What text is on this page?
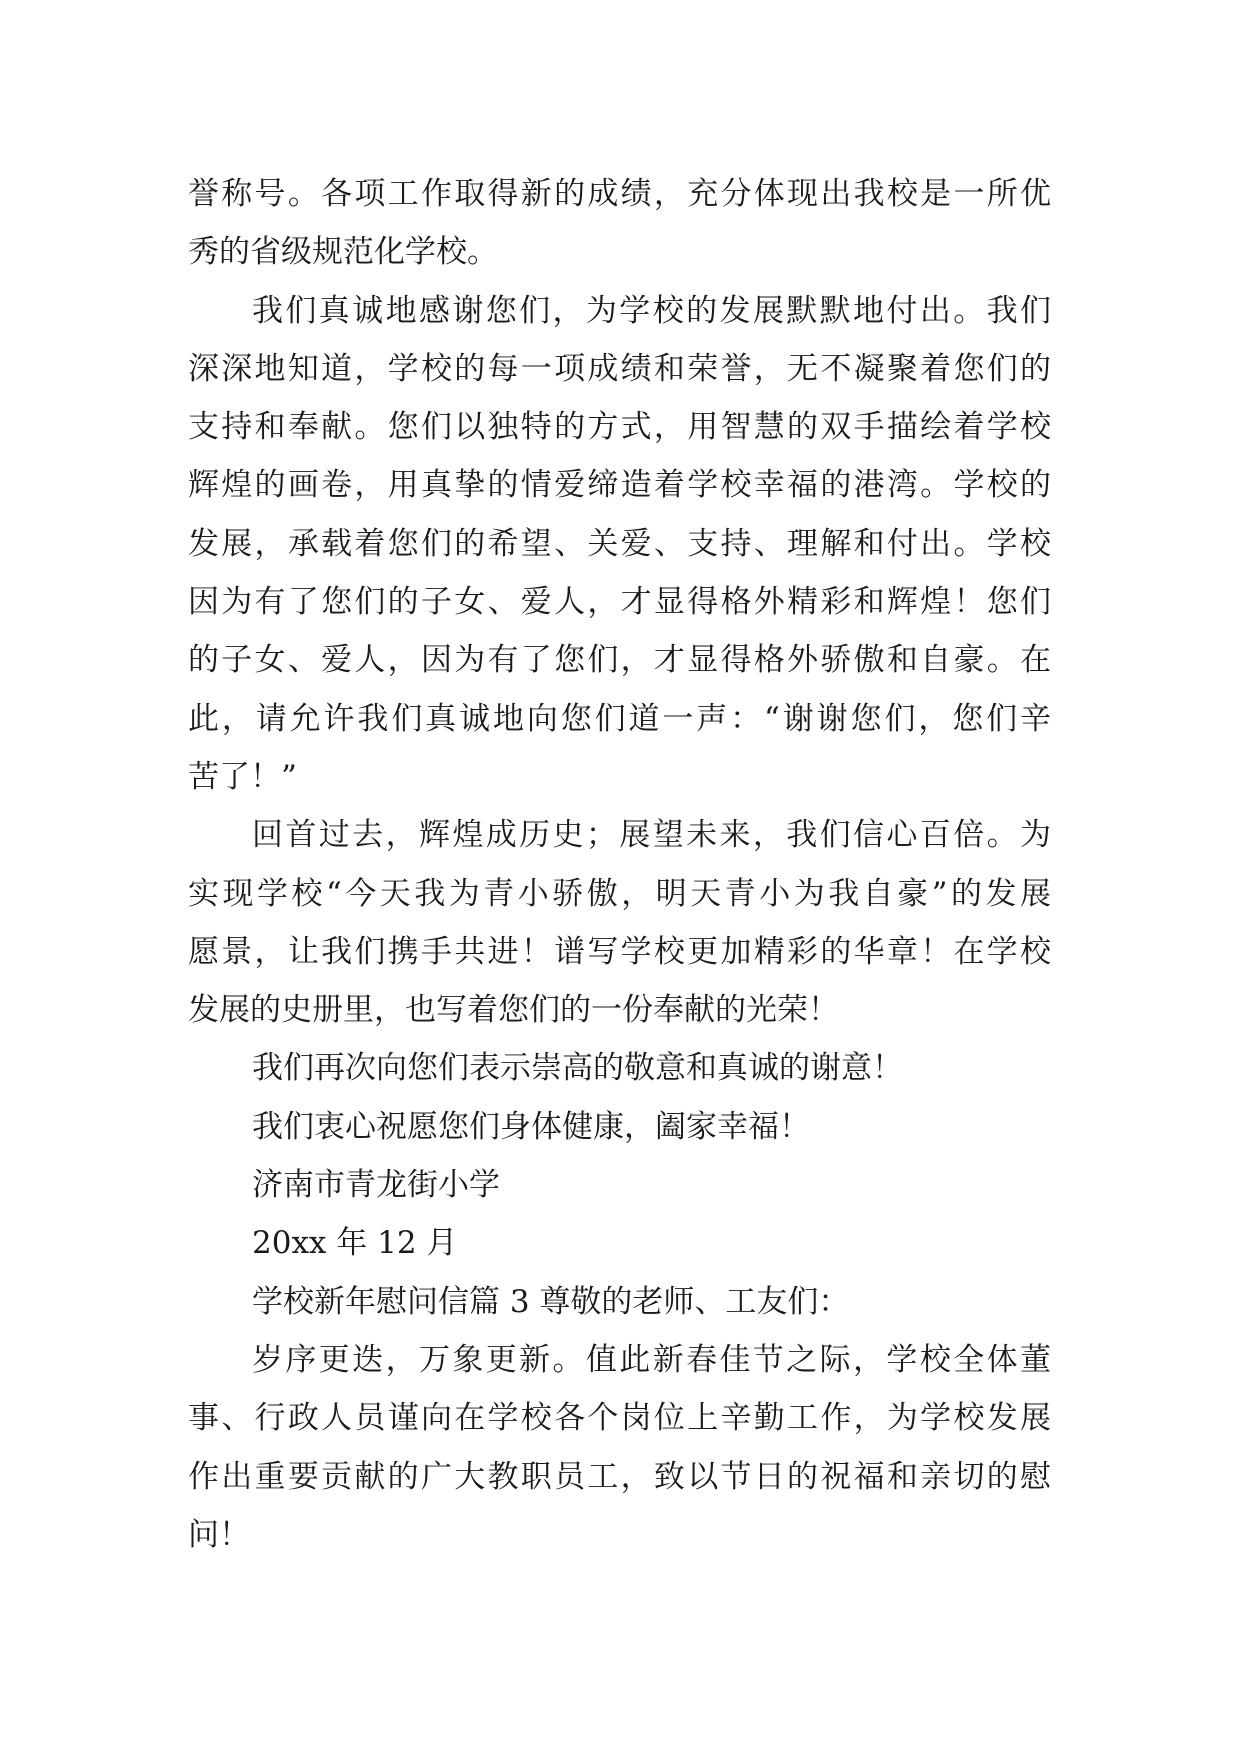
誉称号。各项工作取得新的成绩，充分体现出我校是一所优
秀的省级规范化学校。
我们真诚地感谢您们，为学校的发展默默地付出。我们
深深地知道，学校的每一项成绩和荣誉，无不凝聚着您们的
支持和奉献。您们以独特的方式，用智慧的双手描绘着学校
辉煌的画卷，用真挚的情爱缔造着学校幸福的港湾。学校的
发展，承载着您们的希望、关爱、支持、理解和付出。学校
因为有了您们的子女、爱人，才显得格外精彩和辉煌！您们
的子女、爱人，因为有了您们，才显得格外骄傲和自豪。在
此，请允许我们真诚地向您们道一声：“谢谢您们，您们辛
苦了！”
回首过去，辉煌成历史；展望未来，我们信心百倍。为
实现学校“今天我为青小骄傲，明天青小为我自豪”的发展
愿景，让我们携手共进！谱写学校更加精彩的华章！在学校
发展的史册里，也写着您们的一份奉献的光荣！
我们再次向您们表示崇高的敬意和真诚的谢意！
我们衷心祝愿您们身体健康，阖家幸福！
济南市青龙街小学
20xx 年 12 月
学校新年慰问信篇 3 尊敬的老师、工友们：
岁序更迭，万象更新。值此新春佳节之际，学校全体董
事、行政人员谨向在学校各个岗位上辛勤工作，为学校发展
作出重要贡献的广大教职员工，致以节日的祝福和亲切的慰
问！
